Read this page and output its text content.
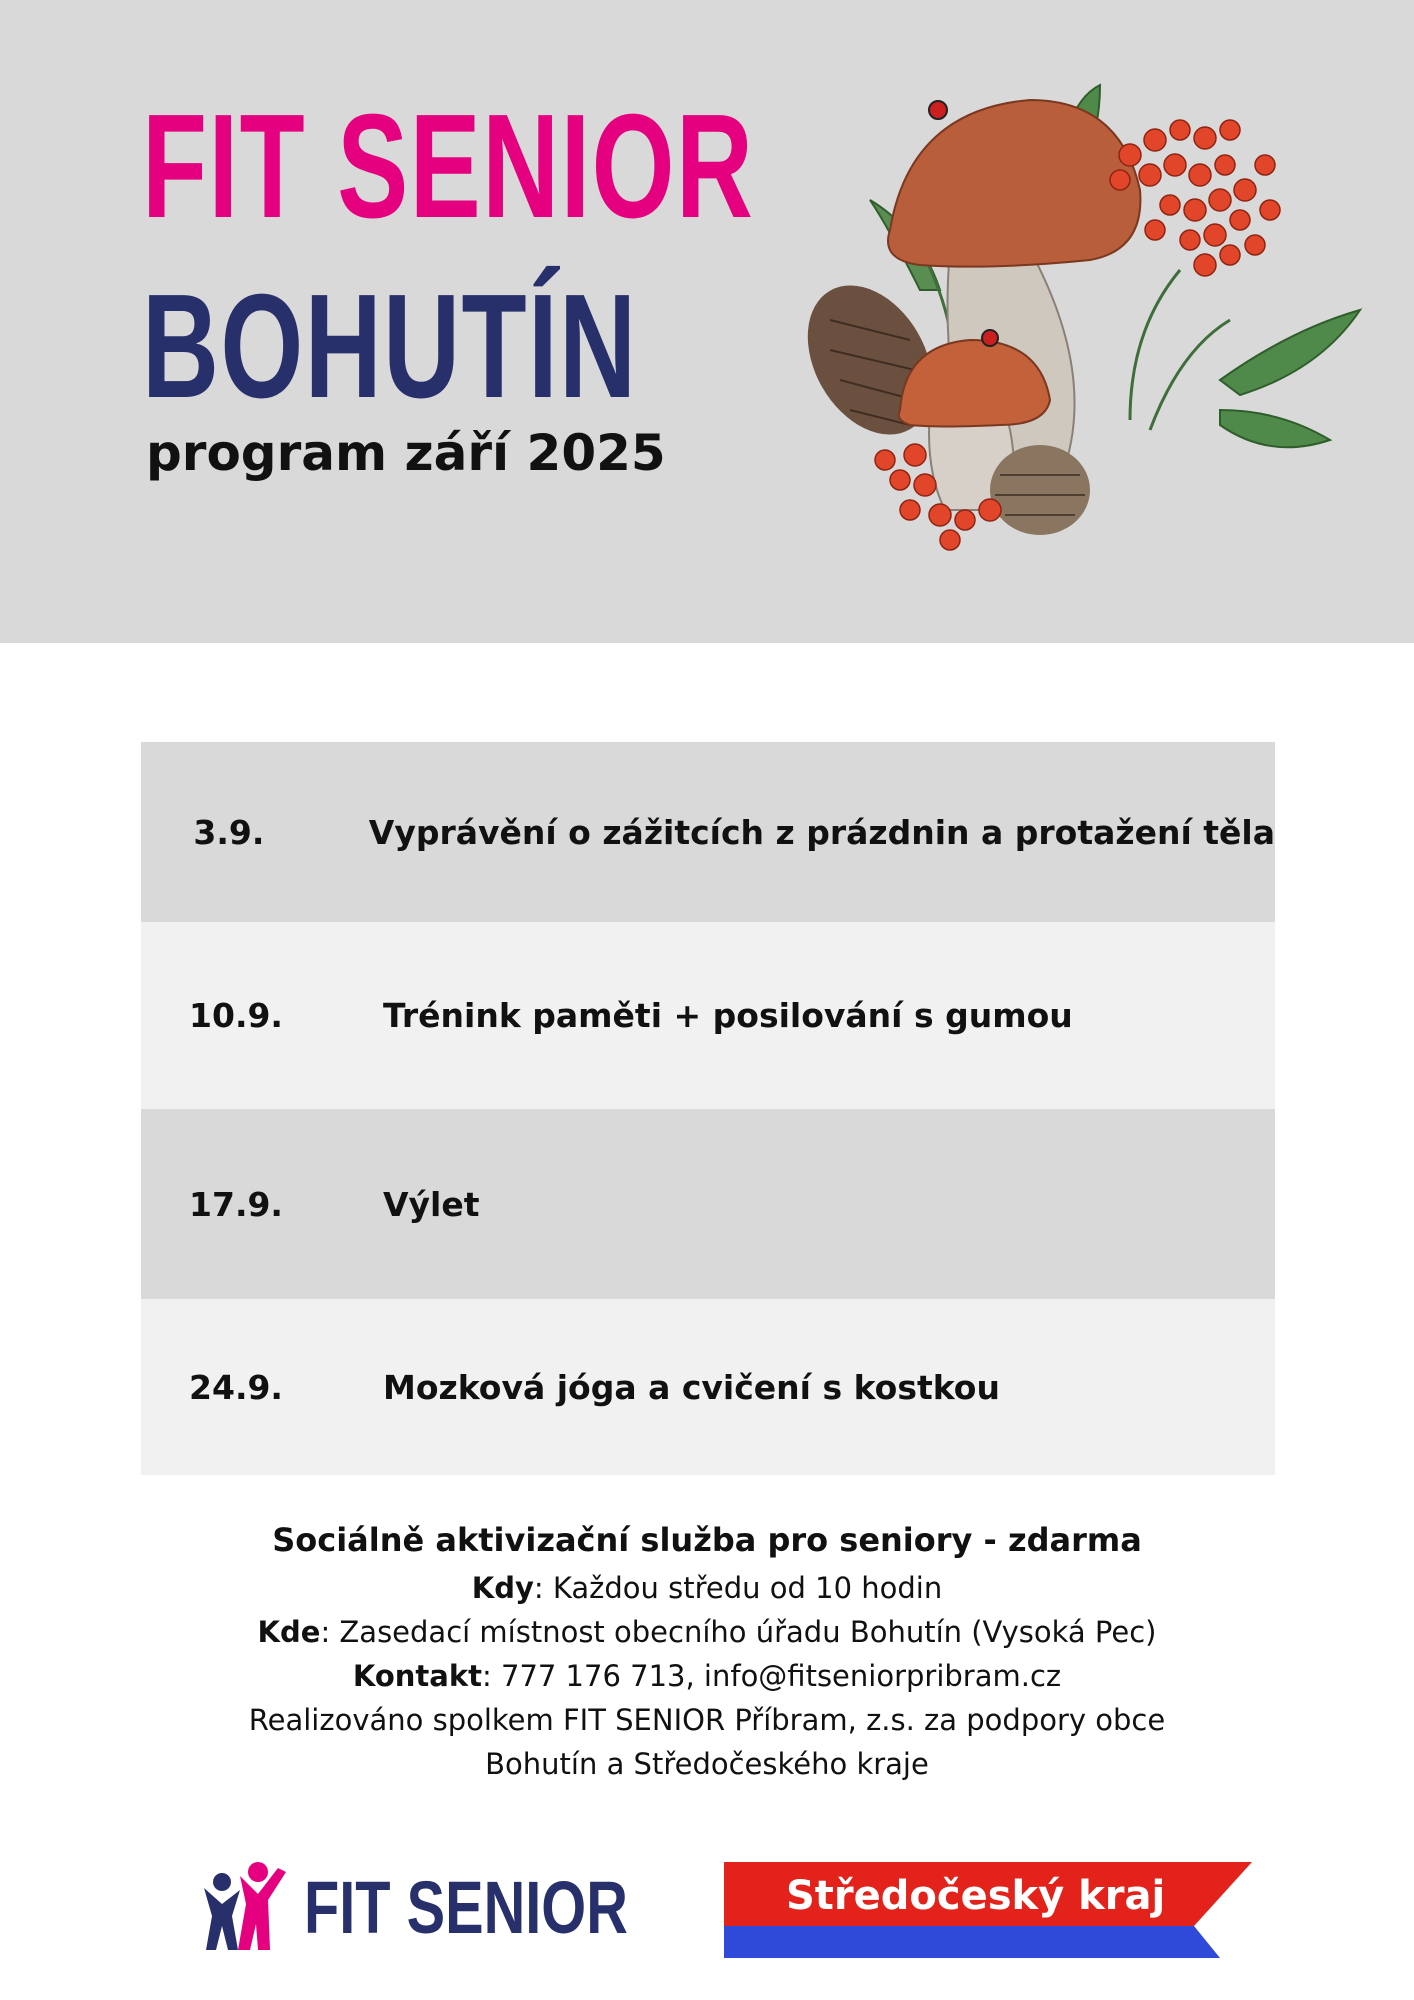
FIT SENIOR
BOHUTÍN
program září 2025
3.9.	Vyprávění o zážitcích z prázdnin a protažení těla
10.9.	Trénink paměti + posilování s gumou
17.9.	Výlet
24.9.	Mozková jóga a cvičení s kostkou
Sociálně aktivizační služba pro seniory - zdarma
Kdy: Každou středu od 10 hodin
Kde: Zasedací místnost obecního úřadu Bohutín (Vysoká Pec)
Kontakt: 777 176 713, info@fitseniorpribram.cz
Realizováno spolkem FIT SENIOR Příbram, z.s. za podpory obce
Bohutín a Středočeského kraje
FIT SENIOR	Středočeský kraj
